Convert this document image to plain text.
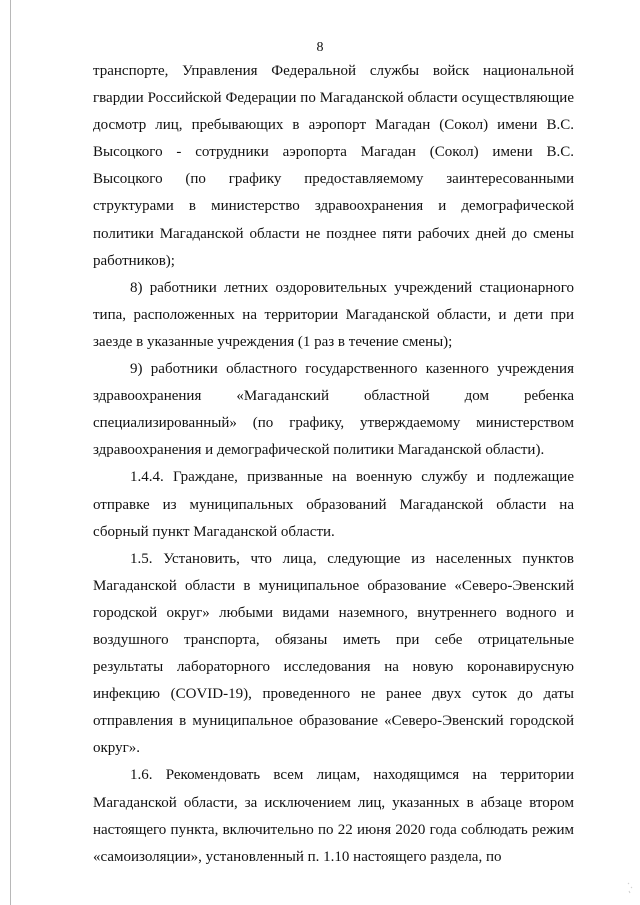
8

транспорте, Управления Федеральной службы войск национальной гвардии Российской Федерации по Магаданской области осуществляющие досмотр лиц, пребывающих в аэропорт Магадан (Сокол) имени В.С. Высоцкого - сотрудники аэропорта Магадан (Сокол) имени В.С. Высоцкого (по графику предоставляемому заинтересованными структурами в министерство здравоохранения и демографической политики Магаданской области не позднее пяти рабочих дней до смены работников);

8) работники летних оздоровительных учреждений стационарного типа, расположенных на территории Магаданской области, и дети при заезде в указанные учреждения (1 раз в течение смены);

9) работники областного государственного казенного учреждения здравоохранения «Магаданский областной дом ребенка специализированный» (по графику, утверждаемому министерством здравоохранения и демографической политики Магаданской области).

1.4.4. Граждане, призванные на военную службу и подлежащие отправке из муниципальных образований Магаданской области на сборный пункт Магаданской области.

1.5. Установить, что лица, следующие из населенных пунктов Магаданской области в муниципальное образование «Северо-Эвенский городской округ» любыми видами наземного, внутреннего водного и воздушного транспорта, обязаны иметь при себе отрицательные результаты лабораторного исследования на новую коронавирусную инфекцию (COVID-19), проведенного не ранее двух суток до даты отправления в муниципальное образование «Северо-Эвенский городской округ».

1.6. Рекомендовать всем лицам, находящимся на территории Магаданской области, за исключением лиц, указанных в абзаце втором настоящего пункта, включительно по 22 июня 2020 года соблюдать режим «самоизоляции», установленный п. 1.10 настоящего раздела, по
